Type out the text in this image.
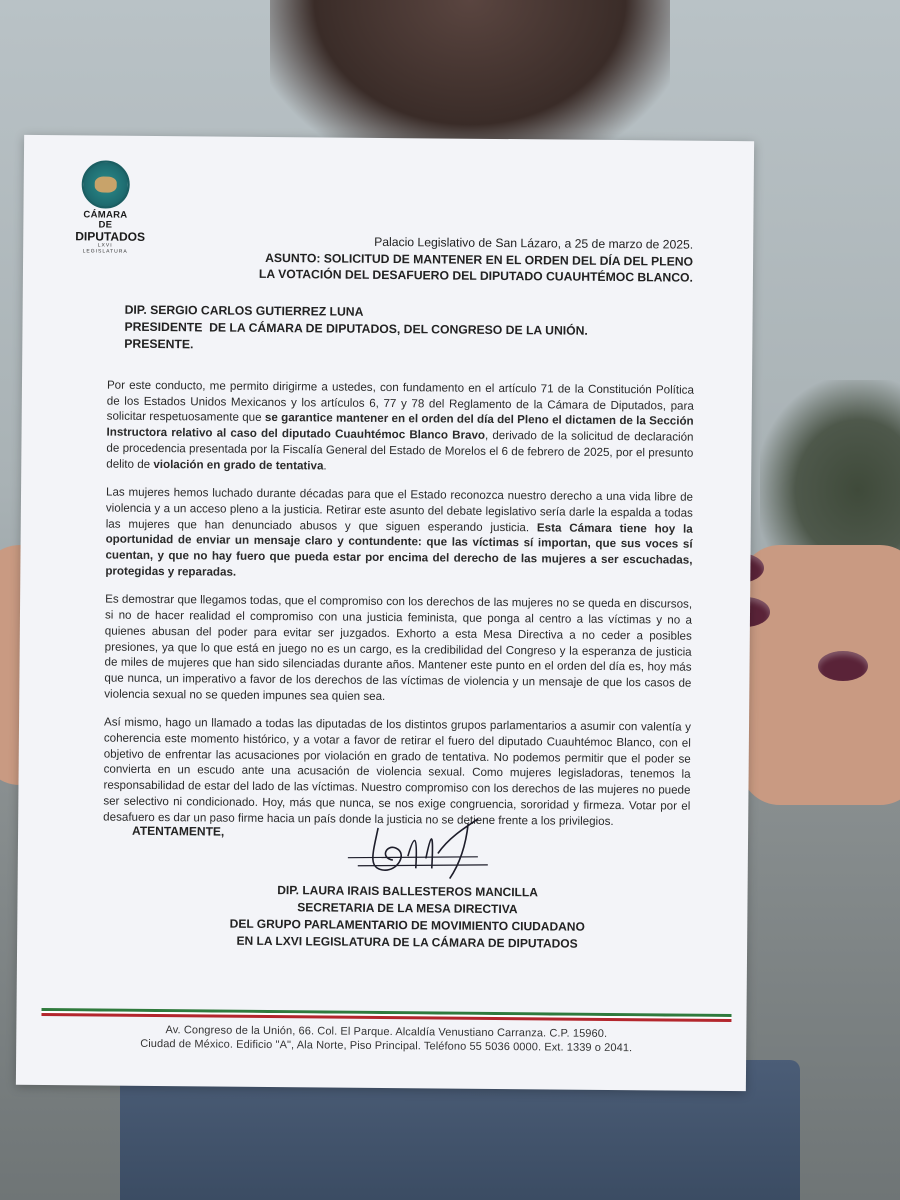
CÁMARA DE
DIPUTADOS
LXVI LEGISLATURA	Palacio Legislativo de San Lázaro, a 25 de marzo de 2025.
ASUNTO: SOLICITUD DE MANTENER EN EL ORDEN DEL DÍA DEL PLENO
LA VOTACIÓN DEL DESAFUERO DEL DIPUTADO CUAUHTÉMOC BLANCO.
DIP. SERGIO CARLOS GUTIERREZ LUNA
PRESIDENTE  DE LA CÁMARA DE DIPUTADOS, DEL CONGRESO DE LA UNIÓN.
PRESENTE.

Por este conducto, me permito dirigirme a ustedes, con fundamento en el artículo 71 de la Constitución Política de los Estados Unidos Mexicanos y los artículos 6, 77 y 78 del Reglamento de la Cámara de Diputados, para solicitar respetuosamente que se garantice mantener en el orden del día del Pleno el dictamen de la Sección Instructora relativo al caso del diputado Cuauhtémoc Blanco Bravo, derivado de la solicitud de declaración de procedencia presentada por la Fiscalía General del Estado de Morelos el 6 de febrero de 2025, por el presunto delito de violación en grado de tentativa.

Las mujeres hemos luchado durante décadas para que el Estado reconozca nuestro derecho a una vida libre de violencia y a un acceso pleno a la justicia. Retirar este asunto del debate legislativo sería darle la espalda a todas las mujeres que han denunciado abusos y que siguen esperando justicia. Esta Cámara tiene hoy la oportunidad de enviar un mensaje claro y contundente: que las víctimas sí importan, que sus voces sí cuentan, y que no hay fuero que pueda estar por encima del derecho de las mujeres a ser escuchadas, protegidas y reparadas.

Es demostrar que llegamos todas, que el compromiso con los derechos de las mujeres no se queda en discursos, si no de hacer realidad el compromiso con una justicia feminista, que ponga al centro a las víctimas y no a quienes abusan del poder para evitar ser juzgados. Exhorto a esta Mesa Directiva a no ceder a posibles presiones, ya que lo que está en juego no es un cargo, es la credibilidad del Congreso y la esperanza de justicia de miles de mujeres que han sido silenciadas durante años. Mantener este punto en el orden del día es, hoy más que nunca, un imperativo a favor de los derechos de las víctimas de violencia y un mensaje de que los casos de violencia sexual no se queden impunes sea quien sea.

Así mismo, hago un llamado a todas las diputadas de los distintos grupos parlamentarios a asumir con valentía y coherencia este momento histórico, y a votar a favor de retirar el fuero del diputado Cuauhtémoc Blanco, con el objetivo de enfrentar las acusaciones por violación en grado de tentativa. No podemos permitir que el poder se convierta en un escudo ante una acusación de violencia sexual. Como mujeres legisladoras, tenemos la responsabilidad de estar del lado de las víctimas. Nuestro compromiso con los derechos de las mujeres no puede ser selectivo ni condicionado. Hoy, más que nunca, se nos exige congruencia, sororidad y firmeza. Votar por el desafuero es dar un paso firme hacia un país donde la justicia no se detiene frente a los privilegios.

ATENTAMENTE,
DIP. LAURA IRAIS BALLESTEROS MANCILLA
SECRETARIA DE LA MESA DIRECTIVA
DEL GRUPO PARLAMENTARIO DE MOVIMIENTO CIUDADANO
EN LA LXVI LEGISLATURA DE LA CÁMARA DE DIPUTADOS
Av. Congreso de la Unión, 66. Col. El Parque. Alcaldía Venustiano Carranza. C.P. 15960.
Ciudad de México. Edificio "A", Ala Norte, Piso Principal. Teléfono 55 5036 0000. Ext. 1339 o 2041.
